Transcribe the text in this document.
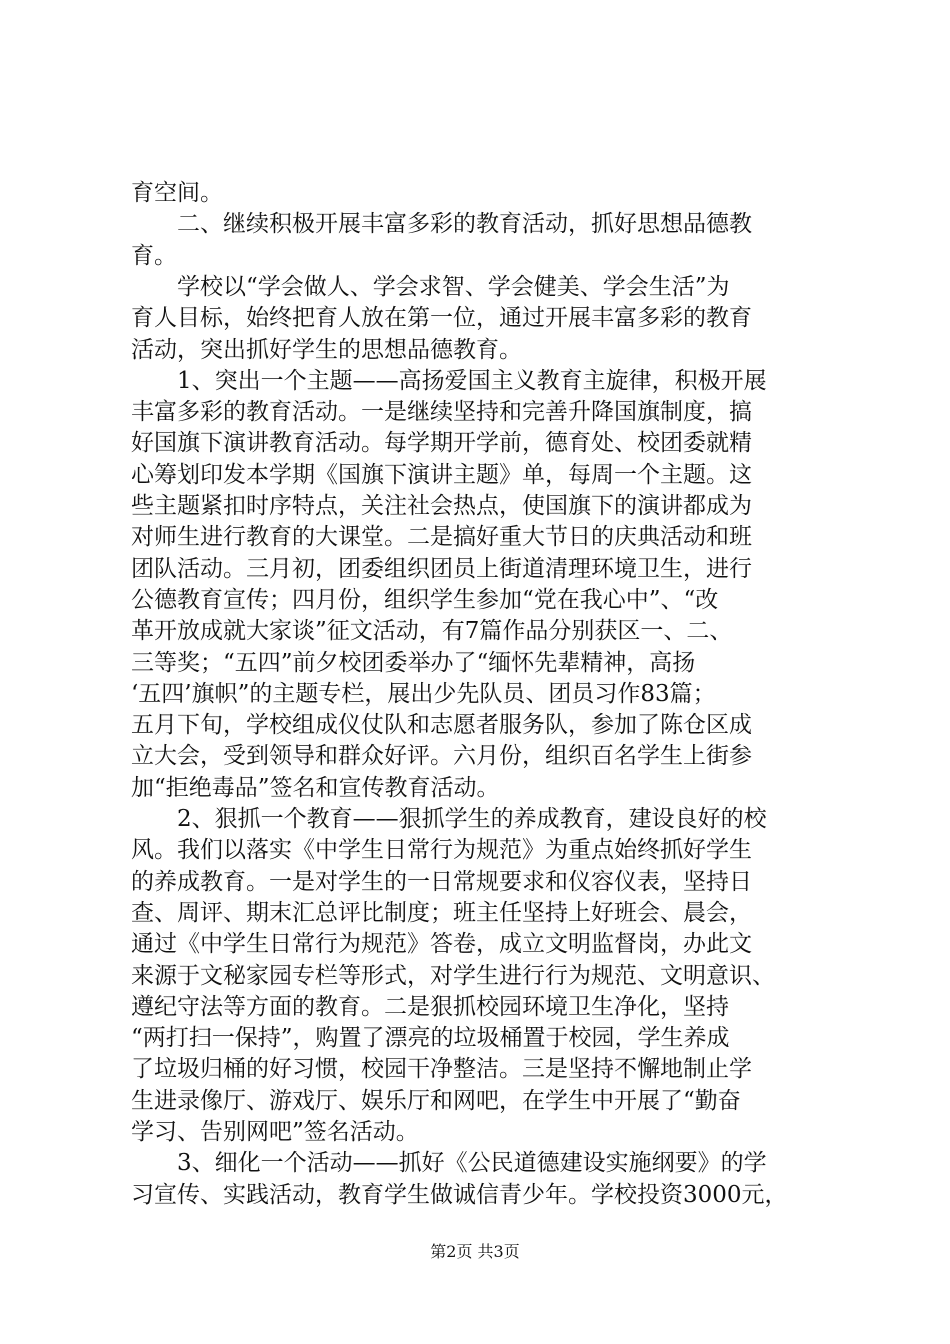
育空间。
　　二、继续积极开展丰富多彩的教育活动，抓好思想品德教
育。
　　学校以“学会做人、学会求智、学会健美、学会生活”为
育人目标，始终把育人放在第一位，通过开展丰富多彩的教育
活动，突出抓好学生的思想品德教育。
　　1、突出一个主题——高扬爱国主义教育主旋律，积极开展
丰富多彩的教育活动。一是继续坚持和完善升降国旗制度，搞
好国旗下演讲教育活动。每学期开学前，德育处、校团委就精
心筹划印发本学期《国旗下演讲主题》单，每周一个主题。这
些主题紧扣时序特点，关注社会热点，使国旗下的演讲都成为
对师生进行教育的大课堂。二是搞好重大节日的庆典活动和班
团队活动。三月初，团委组织团员上街道清理环境卫生，进行
公德教育宣传；四月份，组织学生参加“党在我心中”、“改
革开放成就大家谈”征文活动，有7篇作品分别获区一、二、
三等奖；“五四”前夕校团委举办了“缅怀先辈精神，高扬
‘五四’旗帜”的主题专栏，展出少先队员、团员习作83篇；
五月下旬，学校组成仪仗队和志愿者服务队，参加了陈仓区成
立大会，受到领导和群众好评。六月份，组织百名学生上街参
加“拒绝毒品”签名和宣传教育活动。
　　2、狠抓一个教育——狠抓学生的养成教育，建设良好的校
风。我们以落实《中学生日常行为规范》为重点始终抓好学生
的养成教育。一是对学生的一日常规要求和仪容仪表，坚持日
查、周评、期末汇总评比制度；班主任坚持上好班会、晨会，
通过《中学生日常行为规范》答卷，成立文明监督岗，办此文
来源于文秘家园专栏等形式，对学生进行行为规范、文明意识、
遵纪守法等方面的教育。二是狠抓校园环境卫生净化，坚持
“两打扫一保持”，购置了漂亮的垃圾桶置于校园，学生养成
了垃圾归桶的好习惯，校园干净整洁。三是坚持不懈地制止学
生进录像厅、游戏厅、娱乐厅和网吧，在学生中开展了“勤奋
学习、告别网吧”签名活动。
　　3、细化一个活动——抓好《公民道德建设实施纲要》的学
习宣传、实践活动，教育学生做诚信青少年。学校投资3000元，
第2页 共3页
